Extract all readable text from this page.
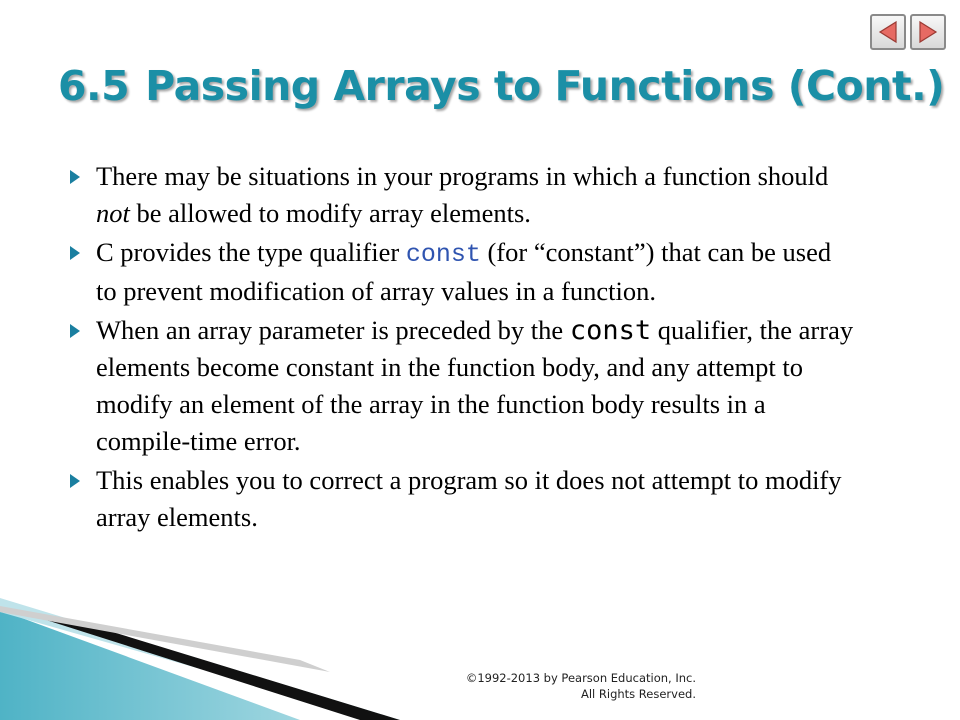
6.5 Passing Arrays to Functions (Cont.)
There may be situations in your programs in which a function should not be allowed to modify array elements.
C provides the type qualifier const (for “constant”) that can be used to prevent modification of array values in a function.
When an array parameter is preceded by the const qualifier, the array elements become constant in the function body, and any attempt to modify an element of the array in the function body results in a compile-time error.
This enables you to correct a program so it does not attempt to modify array elements.
©1992-2013 by Pearson Education, Inc.
All Rights Reserved.
